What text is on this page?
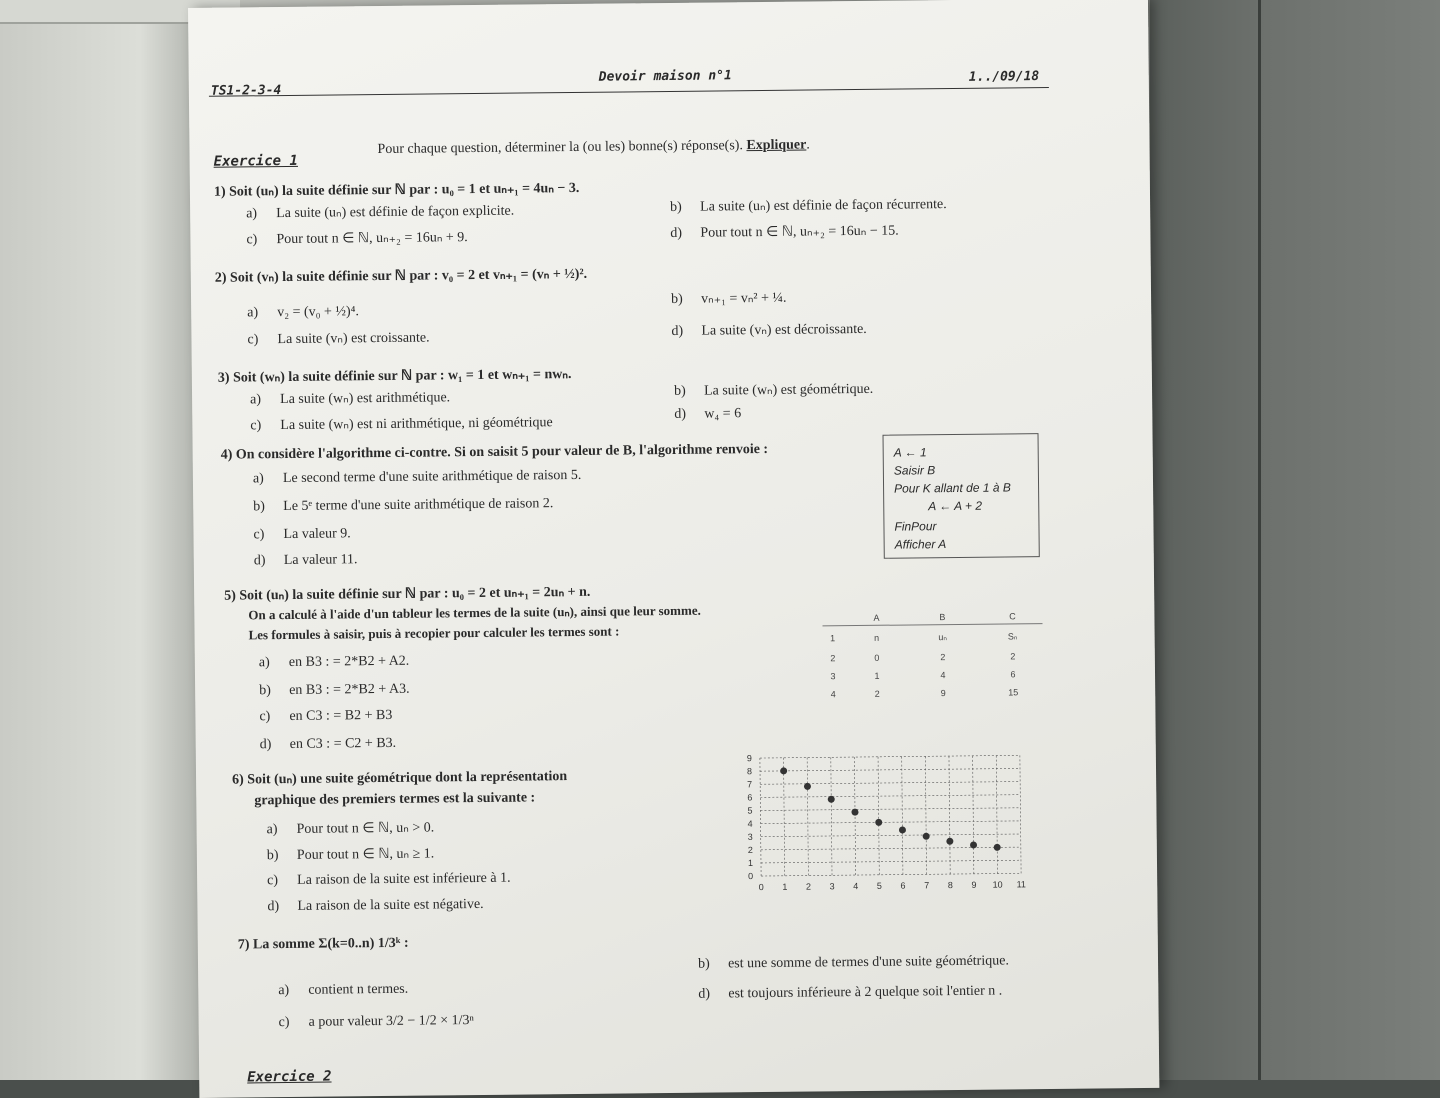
TS1-2-3-4
Devoir maison n°1	1../09/18
Exercice 1
Pour chaque question, déterminer la (ou les) bonne(s) réponse(s). Expliquer.
1) Soit (uₙ) la suite définie sur ℕ par : u₀ = 1 et uₙ₊₁ = 4uₙ − 3.
a) La suite (uₙ) est définie de façon explicite.	b) La suite (uₙ) est définie de façon récurrente.
c) Pour tout n ∈ ℕ, uₙ₊₂ = 16uₙ + 9.	d) Pour tout n ∈ ℕ, uₙ₊₂ = 16uₙ − 15.
2) Soit (vₙ) la suite définie sur ℕ par : v₀ = 2 et vₙ₊₁ = (vₙ + ½)².
a) v₂ = (v₀ + ½)⁴.
b) vₙ₊₁ = vₙ² + ¼.
c) La suite (vₙ) est croissante.	d) La suite (vₙ) est décroissante.
3) Soit (wₙ) la suite définie sur ℕ par : w₁ = 1 et wₙ₊₁ = nwₙ.
a) La suite (wₙ) est arithmétique.	b) La suite (wₙ) est géométrique.
c) La suite (wₙ) est ni arithmétique, ni géométrique
d) w₄ = 6
4) On considère l'algorithme ci-contre. Si on saisit 5 pour valeur de B, l'algorithme renvoie :
a) Le second terme d'une suite arithmétique de raison 5.
b) Le 5ᵉ terme d'une suite arithmétique de raison 2.
c) La valeur 9.
d) La valeur 11.
A ← 1
Saisir B
Pour K allant de 1 à B
A ← A + 2
FinPour
Afficher A
5) Soit (uₙ) la suite définie sur ℕ par : u₀ = 2 et uₙ₊₁ = 2uₙ + n.
On a calculé à l'aide d'un tableur les termes de la suite (uₙ), ainsi que leur somme.
Les formules à saisir, puis à recopier pour calculer les termes sont :
a) en B3 : = 2*B2 + A2.
b) en B3 : = 2*B2 + A3.
c) en C3 : = B2 + B3
d) en C3 : = C2 + B3.
A	B	C
1	n	uₙ	Sₙ
2	0	2	2
3	1	4	6
4	2	9	15
6) Soit (uₙ) une suite géométrique dont la représentation
graphique des premiers termes est la suivante :
a) Pour tout n ∈ ℕ, uₙ > 0.
b) Pour tout n ∈ ℕ, uₙ ≥ 1.
c) La raison de la suite est inférieure à 1.
d) La raison de la suite est négative.
0 1 2 3 4 5 6 7 8 9 10 11
0
1
2
3
4
5
6
7
8
9
7) La somme Σ(k=0..n) 1/3ᵏ :
a) contient n termes.
b) est une somme de termes d'une suite géométrique.
c) a pour valeur 3/2 − 1/2 × 1/3ⁿ
d) est toujours inférieure à 2 quelque soit l'entier n .
Exercice 2
